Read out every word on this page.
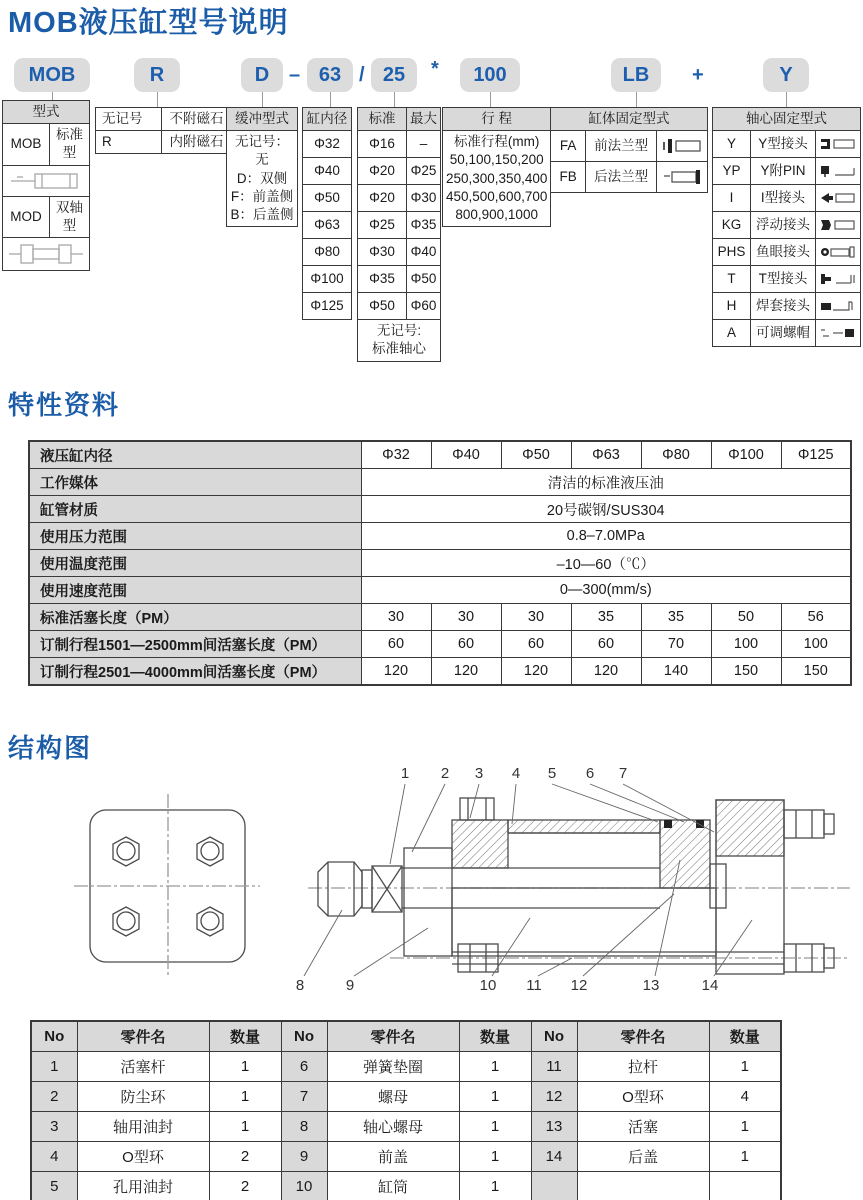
MOB液压缸型号说明
MOB	R	D – 63 / 25	*	100	LB	+	Y
型式	
MOB	标准型

MOD	双轴型

无记号	不附磁石
R	内附磁石
缓冲型式

无记号：无
D：双侧
F：前盖侧
B：后盖侧
缸内径
Φ32
Φ40
Φ50
Φ63
Φ80
Φ100
Φ125
标准	最大
Φ16	–
Φ20	Φ25
Φ20	Φ30
Φ25	Φ35
Φ30	Φ40
Φ35	Φ50
Φ50	Φ60

无记号:
标准轴心	
行 程

标准行程(mm)
50,100,150,200
250,300,350,400
450,500,600,700
800,900,1000
缸体固定型式		
FA	前法兰型	

FB	后法兰型	
轴心固定型式		
Y	Y型接头	

YP	Y附PIN	

I	I型接头	

KG	浮动接头	

PHS	鱼眼接头	

T	T型接头	

H	焊套接头	

A	可调螺帽	
特性资料
液压缸内径	Φ32	Φ40	Φ50	Φ63	Φ80	Φ100	Φ125
工作媒体	清洁的标准液压油						
缸管材质	20号碳钢/SUS304						
使用压力范围	0.8–7.0MPa						
使用温度范围	–10—60（℃）						
使用速度范围	0—300(mm/s)						
标准活塞长度（PM）	30	30	30	35	35	50	56
订制行程1501—2500mm间活塞长度（PM）	60	60	60	60	70	100	100
订制行程2501—4000mm间活塞长度（PM）	120	120	120	120	140	150	150
结构图
1 2 3 4 5 6 7
8	9	10 11 12	13	14
No	零件名	数量	No	零件名	数量	No	零件名	数量
1	活塞杆	1	6	弹簧垫圈	1	11	拉杆	1
2	防尘环	1	7	螺母	1	12	O型环	4
3	轴用油封	1	8	轴心螺母	1	13	活塞	1
4	O型环	2	9	前盖	1	14	后盖	1
5	孔用油封	2	10	缸筒	1			
